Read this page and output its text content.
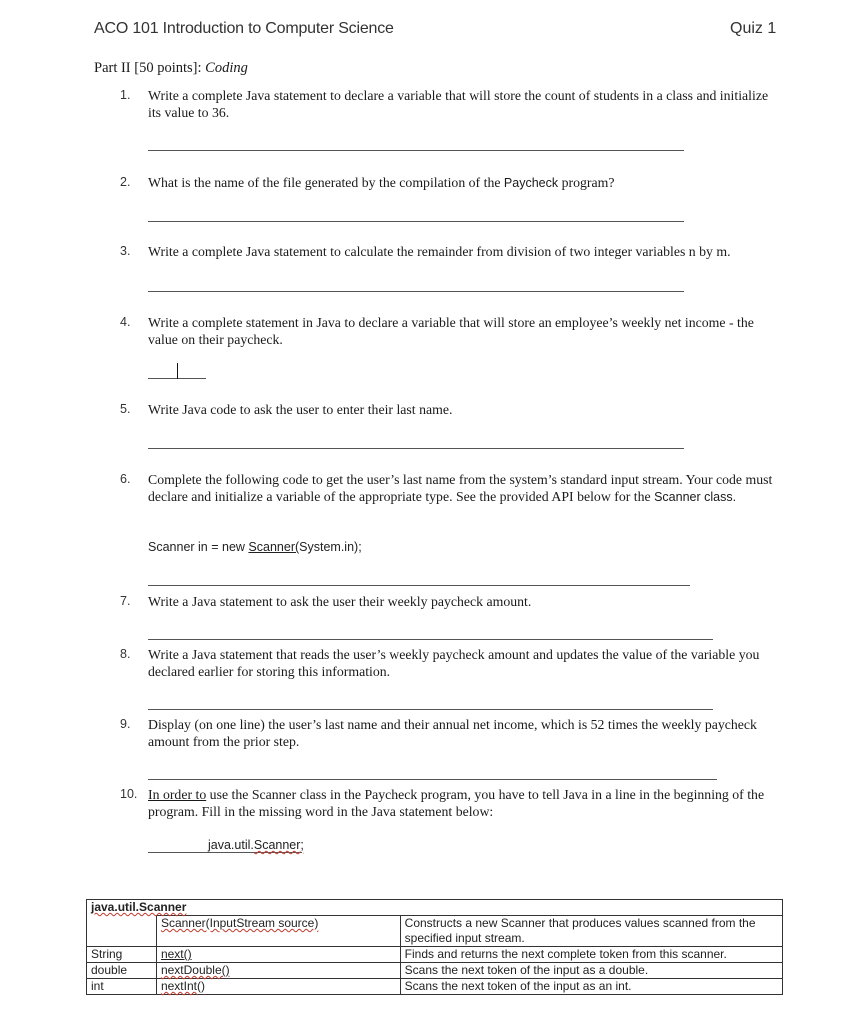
ACO 101 Introduction to Computer Science	Quiz 1
Part II [50 points]: Coding
1.	Write a complete Java statement to declare a variable that will store the count of students in a class and initialize its value to 36.
2.	What is the name of the file generated by the compilation of the Paycheck program?
3.	Write a complete Java statement to calculate the remainder from division of two integer variables n by m.
4.	Write a complete statement in Java to declare a variable that will store an employee’s weekly net income - the value on their paycheck.
5.	Write Java code to ask the user to enter their last name.
6.	Complete the following code to get the user’s last name from the system’s standard input stream. Your code must declare and initialize a variable of the appropriate type. See the provided API below for the Scanner class.
Scanner in = new Scanner(System.in);
7.	Write a Java statement to ask the user their weekly paycheck amount.
8.	Write a Java statement that reads the user’s weekly paycheck amount and updates the value of the variable you declared earlier for storing this information.
9.	Display (on one line) the user’s last name and their annual net income, which is 52 times the weekly paycheck amount from the prior step.
10. In order to use the Scanner class in the Paycheck program, you have to tell Java in a line in the beginning of the program. Fill in the missing word in the Java statement below:
java.util.Scanner;
java.util.Scanner		
	Scanner(InputStream source)	Constructs a new Scanner that produces values scanned from the specified input stream.
String	next()	Finds and returns the next complete token from this scanner.
double	nextDouble()	Scans the next token of the input as a double.
int	nextInt()	Scans the next token of the input as an int.
